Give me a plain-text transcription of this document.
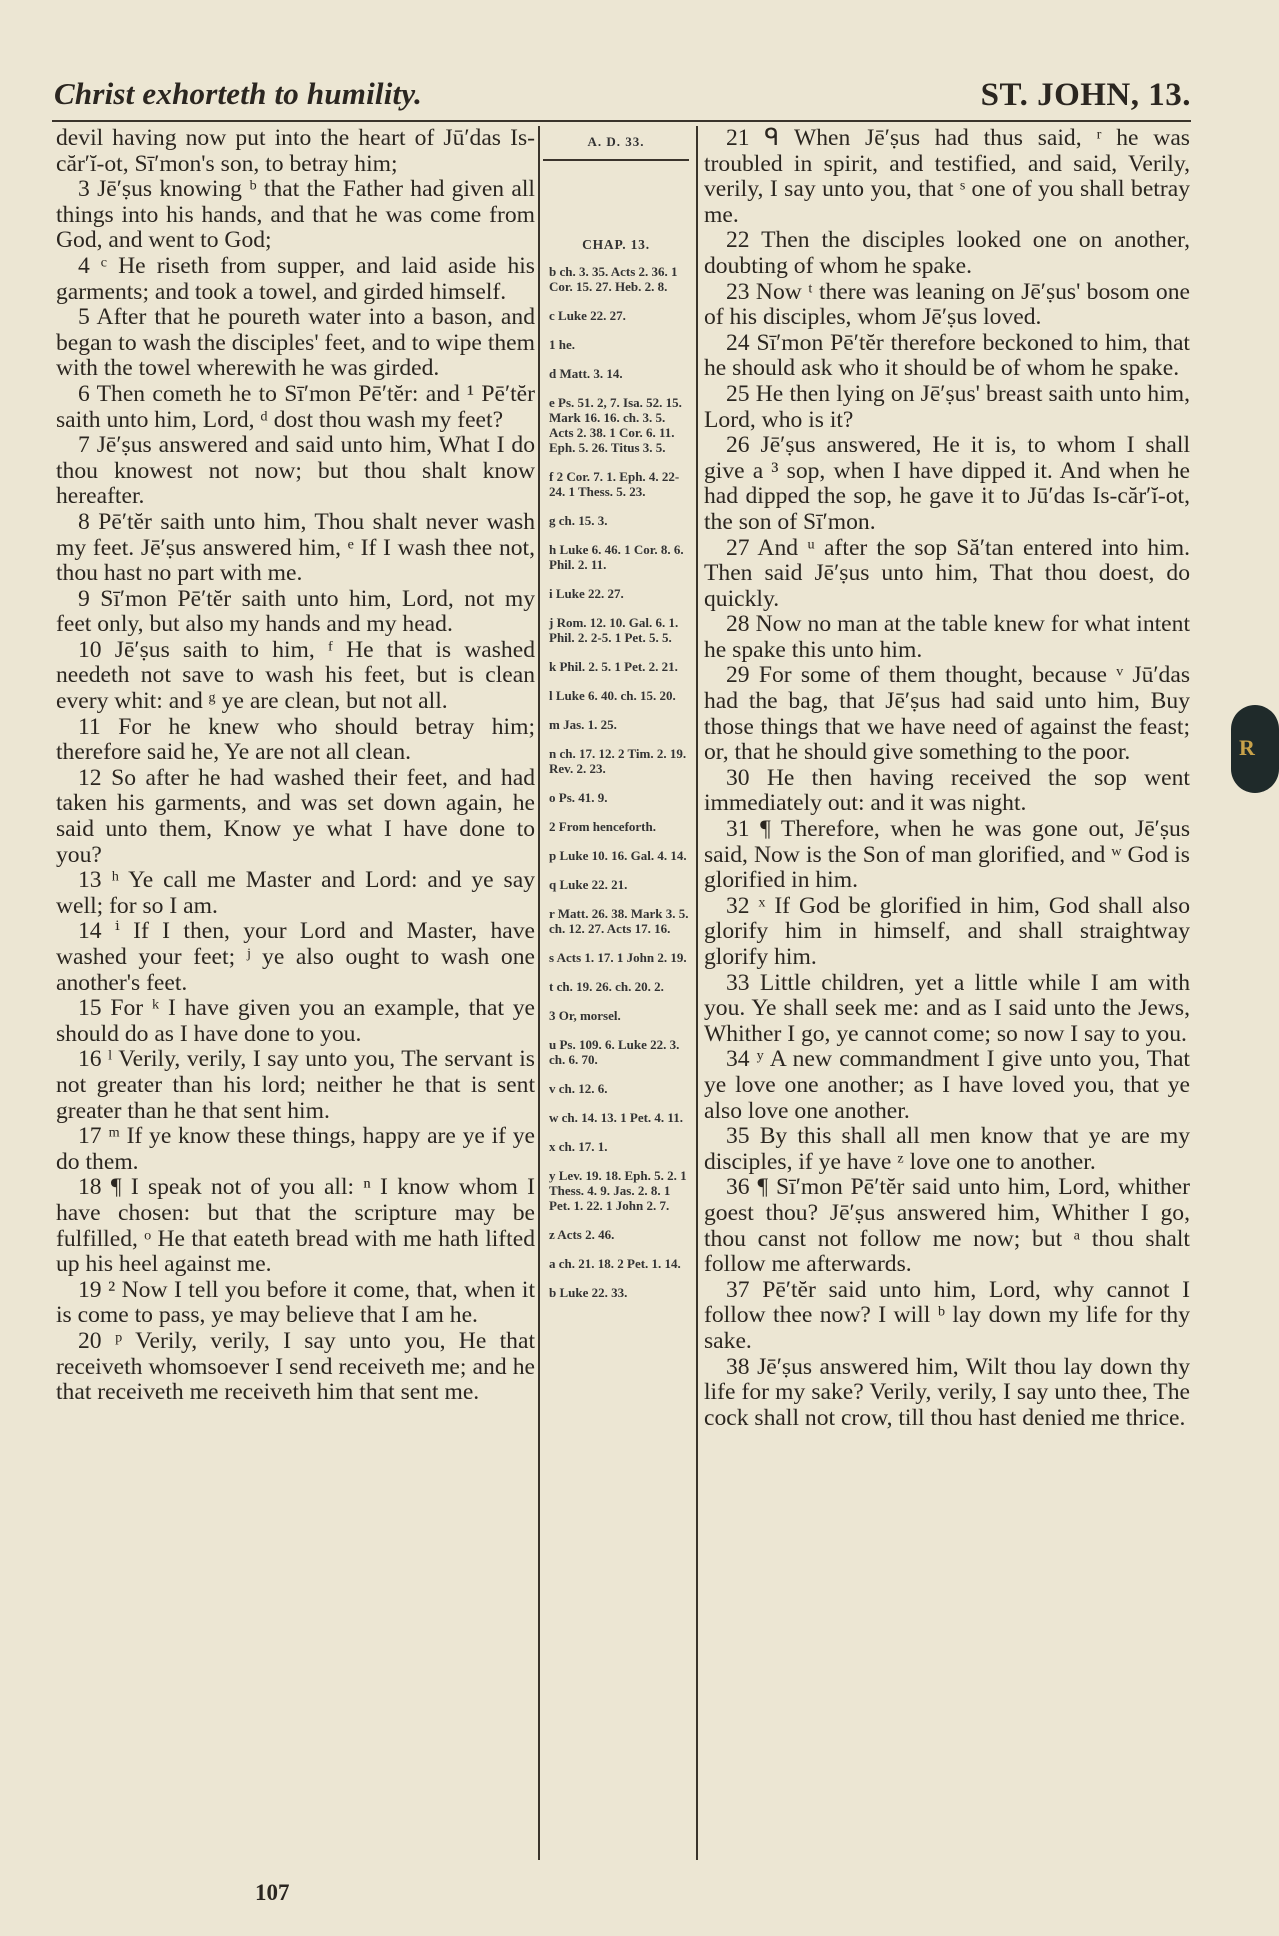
Christ exhorteth to humility.	ST. JOHN, 13.

devil having now put into the heart of Jū′das Is-căr′ĭ-ot, Sī′mon's son, to betray him;

3 Jē′ṣus knowing ᵇ that the Father had given all things into his hands, and that he was come from God, and went to God;

4 ᶜ He riseth from supper, and laid aside his garments; and took a towel, and girded himself.

5 After that he poureth water into a bason, and began to wash the disciples' feet, and to wipe them with the towel wherewith he was girded.

6 Then cometh he to Sī′mon Pē′tĕr: and ¹ Pē′tĕr saith unto him, Lord, ᵈ dost thou wash my feet?

7 Jē′ṣus answered and said unto him, What I do thou knowest not now; but thou shalt know hereafter.

8 Pē′tĕr saith unto him, Thou shalt never wash my feet. Jē′ṣus answered him, ᵉ If I wash thee not, thou hast no part with me.

9 Sī′mon Pē′tĕr saith unto him, Lord, not my feet only, but also my hands and my head.

10 Jē′ṣus saith to him, ᶠ He that is washed needeth not save to wash his feet, but is clean every whit: and ᵍ ye are clean, but not all.

11 For he knew who should betray him; therefore said he, Ye are not all clean.

12 So after he had washed their feet, and had taken his garments, and was set down again, he said unto them, Know ye what I have done to you?

13 ʰ Ye call me Master and Lord: and ye say well; for so I am.

14 ⁱ If I then, your Lord and Master, have washed your feet; ʲ ye also ought to wash one another's feet.

15 For ᵏ I have given you an example, that ye should do as I have done to you.

16 ˡ Verily, verily, I say unto you, The servant is not greater than his lord; neither he that is sent greater than he that sent him.

17 ᵐ If ye know these things, happy are ye if ye do them.

18 ¶ I speak not of you all: ⁿ I know whom I have chosen: but that the scripture may be fulfilled, ᵒ He that eateth bread with me hath lifted up his heel against me.

19 ² Now I tell you before it come, that, when it is come to pass, ye may believe that I am he.

20 ᵖ Verily, verily, I say unto you, He that receiveth whomsoever I send receiveth me; and he that receiveth me receiveth him that sent me.

A. D. 33.
CHAP. 13.
b ch. 3. 35. Acts 2. 36. 1 Cor. 15. 27. Heb. 2. 8.
c Luke 22. 27.
1 he.
d Matt. 3. 14.
e Ps. 51. 2, 7. Isa. 52. 15. Mark 16. 16. ch. 3. 5. Acts 2. 38. 1 Cor. 6. 11. Eph. 5. 26. Titus 3. 5.
f 2 Cor. 7. 1. Eph. 4. 22-24. 1 Thess. 5. 23.
g ch. 15. 3.
h Luke 6. 46. 1 Cor. 8. 6. Phil. 2. 11.
i Luke 22. 27.
j Rom. 12. 10. Gal. 6. 1. Phil. 2. 2-5. 1 Pet. 5. 5.
k Phil. 2. 5. 1 Pet. 2. 21.
l Luke 6. 40. ch. 15. 20.
m Jas. 1. 25.
n ch. 17. 12. 2 Tim. 2. 19. Rev. 2. 23.
o Ps. 41. 9.
2 From henceforth.
p Luke 10. 16. Gal. 4. 14.
q Luke 22. 21.
r Matt. 26. 38. Mark 3. 5. ch. 12. 27. Acts 17. 16.
s Acts 1. 17. 1 John 2. 19.
t ch. 19. 26. ch. 20. 2.
3 Or, morsel.
u Ps. 109. 6. Luke 22. 3. ch. 6. 70.
v ch. 12. 6.
w ch. 14. 13. 1 Pet. 4. 11.
x ch. 17. 1.
y Lev. 19. 18. Eph. 5. 2. 1 Thess. 4. 9. Jas. 2. 8. 1 Pet. 1. 22. 1 John 2. 7.
z Acts 2. 46.
a ch. 21. 18. 2 Pet. 1. 14.
b Luke 22. 33.

21 ᑫ When Jē′ṣus had thus said, ʳ he was troubled in spirit, and testified, and said, Verily, verily, I say unto you, that ˢ one of you shall betray me.

22 Then the disciples looked one on another, doubting of whom he spake.

23 Now ᵗ there was leaning on Jē′ṣus' bosom one of his disciples, whom Jē′ṣus loved.

24 Sī′mon Pē′tĕr therefore beckoned to him, that he should ask who it should be of whom he spake.

25 He then lying on Jē′ṣus' breast saith unto him, Lord, who is it?

26 Jē′ṣus answered, He it is, to whom I shall give a ³ sop, when I have dipped it. And when he had dipped the sop, he gave it to Jū′das Is-căr′ĭ-ot, the son of Sī′mon.

27 And ᵘ after the sop Să′tan entered into him. Then said Jē′ṣus unto him, That thou doest, do quickly.

28 Now no man at the table knew for what intent he spake this unto him.

29 For some of them thought, because ᵛ Jū′das had the bag, that Jē′ṣus had said unto him, Buy those things that we have need of against the feast; or, that he should give something to the poor.

30 He then having received the sop went immediately out: and it was night.

31 ¶ Therefore, when he was gone out, Jē′ṣus said, Now is the Son of man glorified, and ʷ God is glorified in him.

32 ˣ If God be glorified in him, God shall also glorify him in himself, and shall straightway glorify him.

33 Little children, yet a little while I am with you. Ye shall seek me: and as I said unto the Jews, Whither I go, ye cannot come; so now I say to you.

34 ʸ A new commandment I give unto you, That ye love one another; as I have loved you, that ye also love one another.

35 By this shall all men know that ye are my disciples, if ye have ᶻ love one to another.

36 ¶ Sī′mon Pē′tĕr said unto him, Lord, whither goest thou? Jē′ṣus answered him, Whither I go, thou canst not follow me now; but ᵃ thou shalt follow me afterwards.

37 Pē′tĕr said unto him, Lord, why cannot I follow thee now? I will ᵇ lay down my life for thy sake.

38 Jē′ṣus answered him, Wilt thou lay down thy life for my sake? Verily, verily, I say unto thee, The cock shall not crow, till thou hast denied me thrice.

R
107
